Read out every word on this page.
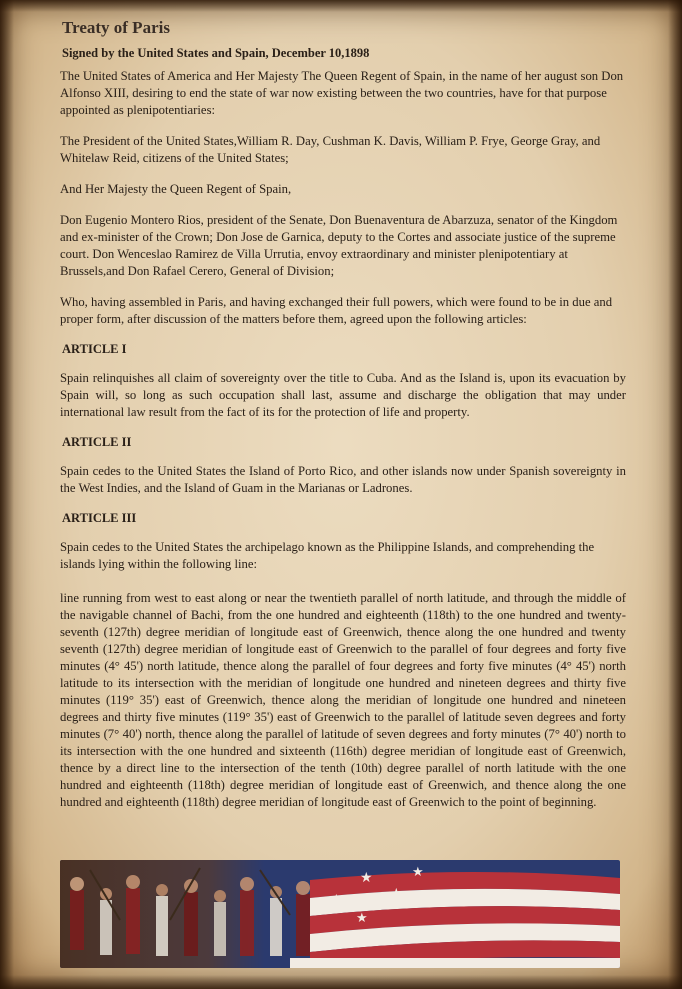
Treaty of Paris
Signed by the United States and Spain, December 10,1898

The United States of America and Her Majesty The Queen Regent of Spain, in the name of her august son Don Alfonso XIII, desiring to end the state of war now existing between the two countries, have for that purpose appointed as plenipotentiaries:

The President of the United States,William R. Day, Cushman K. Davis, William P. Frye, George Gray, and Whitelaw Reid, citizens of the United States;

And Her Majesty the Queen Regent of Spain,

Don Eugenio Montero Rios, president of the Senate, Don Buenaventura de Abarzuza, senator of the Kingdom and ex-minister of the Crown; Don Jose de Garnica, deputy to the Cortes and associate justice of the supreme court. Don Wenceslao Ramirez de Villa Urrutia, envoy extraordinary and minister plenipotentiary at Brussels,and Don Rafael Cerero, General of Division;

Who, having assembled in Paris, and having exchanged their full powers, which were found to be in due and proper form, after discussion of the matters before them, agreed upon the following articles:

ARTICLE I

Spain relinquishes all claim of sovereignty over the title to Cuba. And as the Island is, upon its evacuation by Spain will, so long as such occupation shall last, assume and discharge the obligation that may under international law result from the fact of its for the protection of life and property.

ARTICLE II

Spain cedes to the United States the Island of Porto Rico, and other islands now under Spanish sovereignty in the West Indies, and the Island of Guam in the Marianas or Ladrones.

ARTICLE III

Spain cedes to the United States the archipelago known as the Philippine Islands, and comprehending the islands lying within the following line:

line running from west to east along or near the twentieth parallel of north latitude, and through the middle of the navigable channel of Bachi, from the one hundred and eighteenth (118th) to the one hundred and twenty-seventh (127th) degree meridian of longitude east of Greenwich, thence along the one hundred and twenty seventh (127th) degree meridian of longitude east of Greenwich to the parallel of four degrees and forty five minutes (4° 45') north latitude, thence along the parallel of four degrees and forty five minutes (4° 45') north latitude to its intersection with the meridian of longitude one hundred and nineteen degrees and thirty five minutes (119° 35') east of Greenwich, thence along the meridian of longitude one hundred and nineteen degrees and thirty five minutes (119° 35') east of Greenwich to the parallel of latitude seven degrees and forty minutes (7° 40') north, thence along the parallel of latitude of seven degrees and forty minutes (7° 40') north to its intersection with the one hundred and sixteenth (116th) degree meridian of longitude east of Greenwich, thence by a direct line to the intersection of the tenth (10th) degree parallel of north latitude with the one hundred and eighteenth (118th) degree meridian of longitude east of Greenwich, and thence along the one hundred and eighteenth (118th) degree meridian of longitude east of Greenwich to the point of beginning.

★
★
